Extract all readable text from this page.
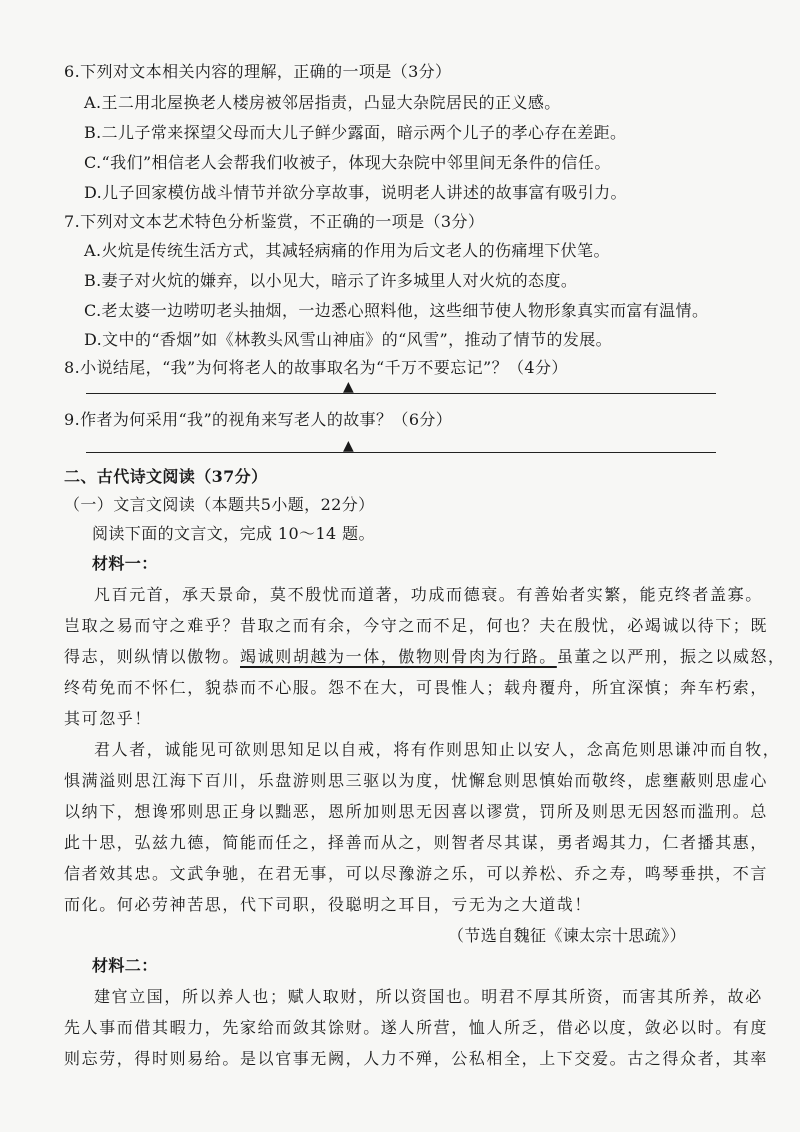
6.下列对文本相关内容的理解，正确的一项是（3分）
A.王二用北屋换老人楼房被邻居指责，凸显大杂院居民的正义感。
B.二儿子常来探望父母而大儿子鲜少露面，暗示两个儿子的孝心存在差距。
C.“我们”相信老人会帮我们收被子，体现大杂院中邻里间无条件的信任。
D.儿子回家模仿战斗情节并欲分享故事，说明老人讲述的故事富有吸引力。
7.下列对文本艺术特色分析鉴赏，不正确的一项是（3分）
A.火炕是传统生活方式，其减轻病痛的作用为后文老人的伤痛埋下伏笔。
B.妻子对火炕的嫌弃，以小见大，暗示了许多城里人对火炕的态度。
C.老太婆一边唠叨老头抽烟，一边悉心照料他，这些细节使人物形象真实而富有温情。
D.文中的“香烟”如《林教头风雪山神庙》的“风雪”，推动了情节的发展。
8.小说结尾，“我”为何将老人的故事取名为“千万不要忘记”？（4分）
▲
9.作者为何采用“我”的视角来写老人的故事？（6分）
▲
二、古代诗文阅读（37分）
（一）文言文阅读（本题共5小题，22分）
阅读下面的文言文，完成 10～14 题。
材料一：
凡百元首，承天景命，莫不殷忧而道著，功成而德衰。有善始者实繁，能克终者盖寡。
岂取之易而守之难乎？昔取之而有余，今守之而不足，何也？夫在殷忧，必竭诚以待下；既
得志，则纵情以傲物。竭诚则胡越为一体，傲物则骨肉为行路。虽董之以严刑，振之以威怒，
终苟免而不怀仁，貌恭而不心服。怨不在大，可畏惟人；载舟覆舟，所宜深慎；奔车朽索，
其可忽乎！
君人者，诚能见可欲则思知足以自戒，将有作则思知止以安人，念高危则思谦冲而自牧，
惧满溢则思江海下百川，乐盘游则思三驱以为度，忧懈怠则思慎始而敬终，虑壅蔽则思虚心
以纳下，想谗邪则思正身以黜恶，恩所加则思无因喜以谬赏，罚所及则思无因怒而滥刑。总
此十思，弘兹九德，简能而任之，择善而从之，则智者尽其谋，勇者竭其力，仁者播其惠，
信者效其忠。文武争驰，在君无事，可以尽豫游之乐，可以养松、乔之寿，鸣琴垂拱，不言
而化。何必劳神苦思，代下司职，役聪明之耳目，亏无为之大道哉！
（节选自魏征《谏太宗十思疏》）
材料二：
建官立国，所以养人也；赋人取财，所以资国也。明君不厚其所资，而害其所养，故必
先人事而借其暇力，先家给而敛其馀财。遂人所营，恤人所乏，借必以度，敛必以时。有度
则忘劳，得时则易给。是以官事无阙，人力不殚，公私相全，上下交爱。古之得众者，其率
